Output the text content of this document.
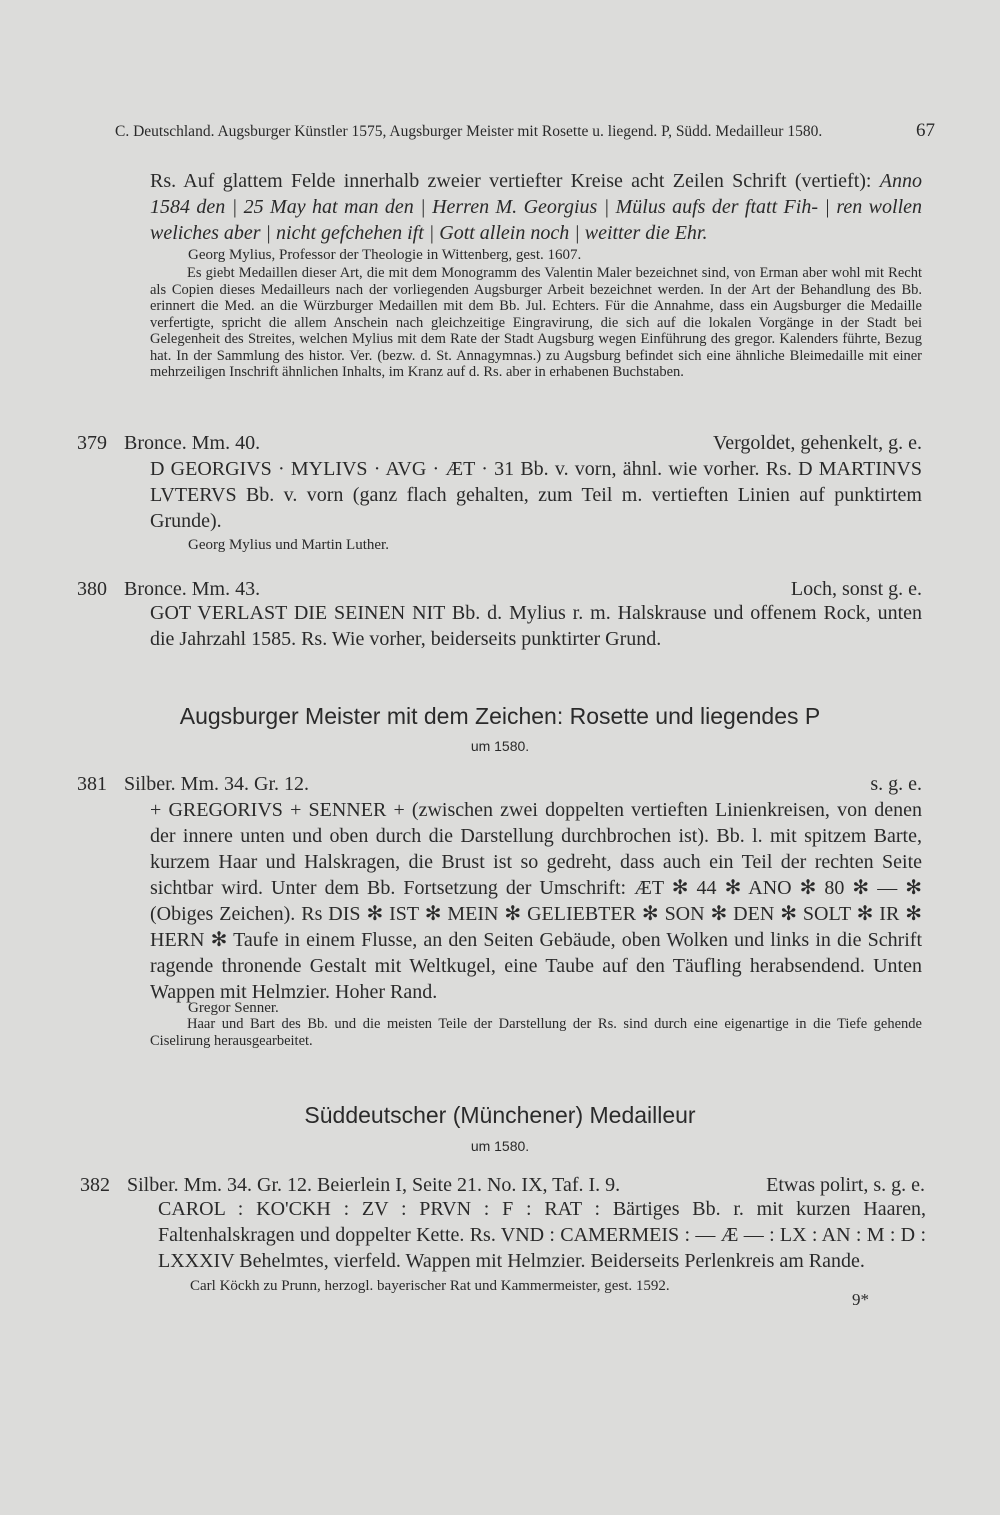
C. Deutschland. Augsburger Künstler 1575, Augsburger Meister mit Rosette u. liegend. P, Südd. Medailleur 1580.	67
Rs. Auf glattem Felde innerhalb zweier vertiefter Kreise acht Zeilen Schrift (vertieft): Anno 1584 den | 25 May hat man den | Herren M. Georgius | Mülus aufs der ftatt Fih- | ren wollen weliches aber | nicht gefchehen ift | Gott allein noch | weitter die Ehr.
Georg Mylius, Professor der Theologie in Wittenberg, gest. 1607.
Es giebt Medaillen dieser Art, die mit dem Monogramm des Valentin Maler bezeichnet sind, von Erman aber wohl mit Recht als Copien dieses Medailleurs nach der vorliegenden Augsburger Arbeit bezeichnet werden. In der Art der Behandlung des Bb. erinnert die Med. an die Würzburger Medaillen mit dem Bb. Jul. Echters. Für die Annahme, dass ein Augsburger die Medaille verfertigte, spricht die allem Anschein nach gleichzeitige Eingravirung, die sich auf die lokalen Vorgänge in der Stadt bei Gelegenheit des Streites, welchen Mylius mit dem Rate der Stadt Augsburg wegen Einführung des gregor. Kalenders führte, Bezug hat. In der Sammlung des histor. Ver. (bezw. d. St. Annagymnas.) zu Augsburg befindet sich eine ähnliche Bleimedaille mit einer mehrzeiligen Inschrift ähnlichen Inhalts, im Kranz auf d. Rs. aber in erhabenen Buchstaben.
379 Bronce. Mm. 40.	Vergoldet, gehenkelt, g. e.
D GEORGIVS · MYLIVS · AVG · ÆT · 31 Bb. v. vorn, ähnl. wie vorher. Rs. D MARTINVS LVTERVS Bb. v. vorn (ganz flach gehalten, zum Teil m. vertieften Linien auf punktirtem Grunde).
Georg Mylius und Martin Luther.
380 Bronce. Mm. 43.	Loch, sonst g. e.
GOT VERLAST DIE SEINEN NIT Bb. d. Mylius r. m. Halskrause und offenem Rock, unten die Jahrzahl 1585. Rs. Wie vorher, beiderseits punktirter Grund.
Augsburger Meister mit dem Zeichen: Rosette und liegendes P
um 1580.
381 Silber. Mm. 34. Gr. 12.	s. g. e.
+ GREGORIVS + SENNER + (zwischen zwei doppelten vertieften Linienkreisen, von denen der innere unten und oben durch die Darstellung durchbrochen ist). Bb. l. mit spitzem Barte, kurzem Haar und Halskragen, die Brust ist so gedreht, dass auch ein Teil der rechten Seite sichtbar wird. Unter dem Bb. Fortsetzung der Umschrift: ÆT ✻ 44 ✻ ANO ✻ 80 ✻ — ✻ (Obiges Zeichen). Rs DIS ✻ IST ✻ MEIN ✻ GELIEBTER ✻ SON ✻ DEN ✻ SOLT ✻ IR ✻ HERN ✻ Taufe in einem Flusse, an den Seiten Gebäude, oben Wolken und links in die Schrift ragende thronende Gestalt mit Weltkugel, eine Taube auf den Täufling herabsendend. Unten Wappen mit Helmzier. Hoher Rand.
Gregor Senner.
Haar und Bart des Bb. und die meisten Teile der Darstellung der Rs. sind durch eine eigenartige in die Tiefe gehende Ciselirung herausgearbeitet.
Süddeutscher (Münchener) Medailleur
um 1580.
382 Silber. Mm. 34. Gr. 12. Beierlein I, Seite 21. No. IX, Taf. I. 9.	Etwas polirt, s. g. e.
CAROL : KO'CKH : ZV : PRVN : F : RAT : Bärtiges Bb. r. mit kurzen Haaren, Faltenhalskragen und doppelter Kette. Rs. VND : CAMERMEIS : — Æ — : LX : AN : M : D : LXXXIV Behelmtes, vierfeld. Wappen mit Helmzier. Beiderseits Perlenkreis am Rande.
Carl Köckh zu Prunn, herzogl. bayerischer Rat und Kammermeister, gest. 1592.
9*
